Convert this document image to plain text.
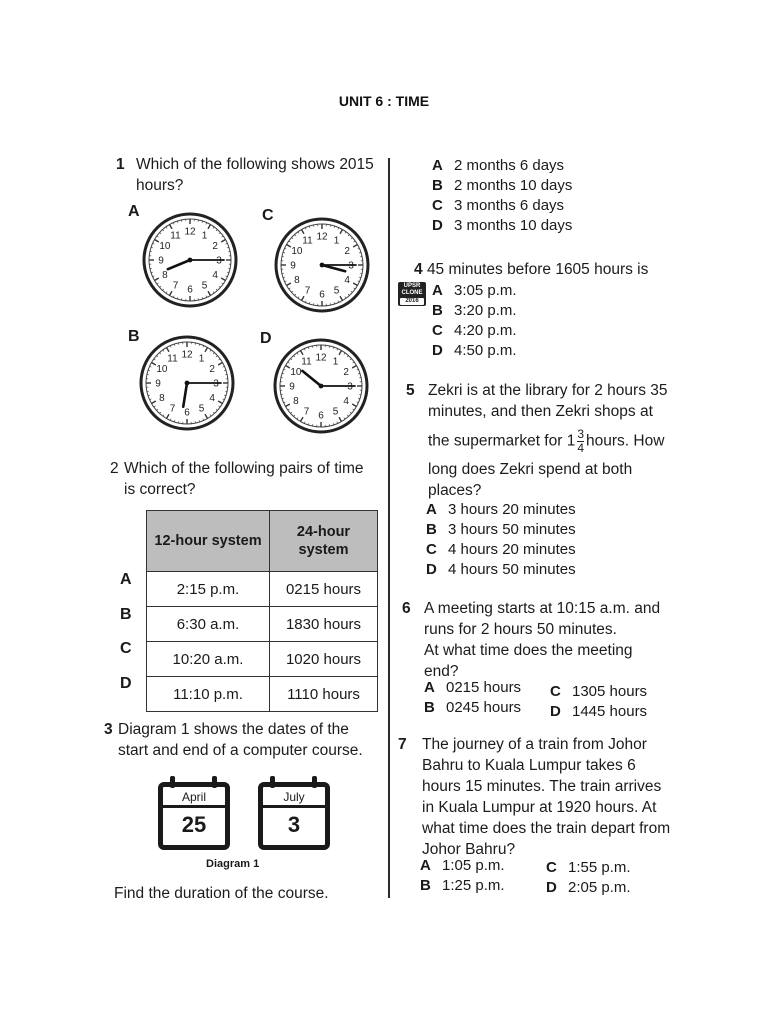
UNIT 6 : TIME
1 Which of the following shows 2015
hours?
A	C
B	D
12 1
2
3
4
5
6
7
8
9
10
11	12 1
2
3
4
5
6
7
8
9
10
11
12 1
2
3
4
5
6
7
8
9
10
11	12 1
2
3
4
5
6
7
8
9
10
11
2 Which of the following pairs of time
is correct?
12-hour system	24-hour system
2:15 p.m.	0215 hours
6:30 a.m.	1830 hours
10:20 a.m.	1020 hours
11:10 p.m.	1110 hours
A
B
C
D
3 Diagram 1 shows the dates of the
start and end of a computer course.
April
25
July
3
Diagram 1
Find the duration of the course.
A 2 months 6 days
B 2 months 10 days
C 3 months 6 days
D 3 months 10 days
4 45 minutes before 1605 hours is
UPSR
CLONE
2016
A 3:05 p.m.
B 3:20 p.m.
C 4:20 p.m.
D 4:50 p.m.
5 Zekri is at the library for 2 hours 35
minutes, and then Zekri shops at
the supermarket for $1 \frac{3}{4}$ hours. How
long does Zekri spend at both
places?
A 3 hours 20 minutes
B 3 hours 50 minutes
C 4 hours 20 minutes
D 4 hours 50 minutes
6 A meeting starts at 10:15 a.m. and
runs for 2 hours 50 minutes.
At what time does the meeting
end?
A 0215 hours
B 0245 hours
C 1305 hours
D 1445 hours
7 The journey of a train from Johor
Bahru to Kuala Lumpur takes 6
hours 15 minutes. The train arrives
in Kuala Lumpur at 1920 hours. At
what time does the train depart from
Johor Bahru?
A 1:05 p.m.
B 1:25 p.m.
C 1:55 p.m.
D 2:05 p.m.
